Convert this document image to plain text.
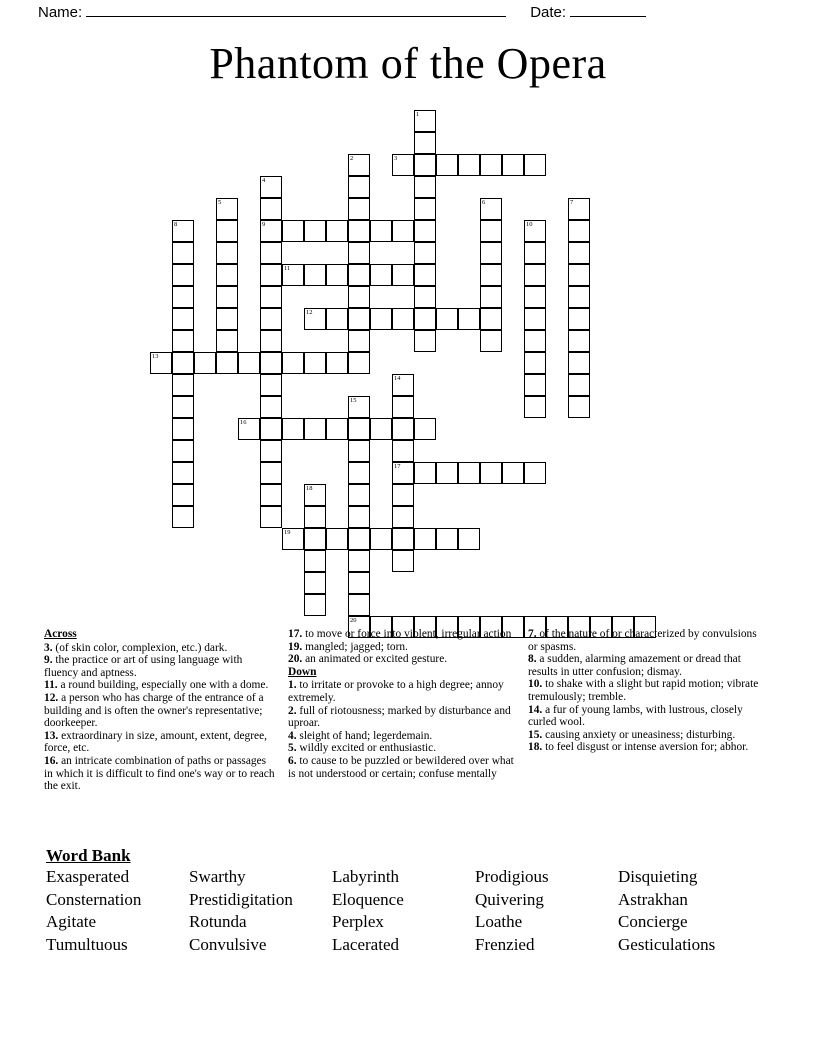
Name:	Date:
Phantom of the Opera
1
2	3
4
5	6	7
8	9	10
11
12
13
14
15
16
17
18
19
20
Across
3. (of skin color, complexion, etc.) dark.
9. the practice or art of using language with fluency and aptness.
11. a round building, especially one with a dome.
12. a person who has charge of the entrance of a building and is often the owner's representative; doorkeeper.
13. extraordinary in size, amount, extent, degree, force, etc.
16. an intricate combination of paths or passages in which it is difficult to find one's way or to reach the exit.
17. to move or force into violent, irregular action
19. mangled; jagged; torn.
20. an animated or excited gesture.
Down
1. to irritate or provoke to a high degree; annoy extremely.
2. full of riotousness; marked by disturbance and uproar.
4. sleight of hand; legerdemain.
5. wildly excited or enthusiastic.
6. to cause to be puzzled or bewildered over what is not understood or certain; confuse mentally
7. of the nature of or characterized by convulsions or spasms.
8. a sudden, alarming amazement or dread that results in utter confusion; dismay.
10. to shake with a slight but rapid motion; vibrate tremulously; tremble.
14. a fur of young lambs, with lustrous, closely curled wool.
15. causing anxiety or uneasiness; disturbing.
18. to feel disgust or intense aversion for; abhor.
Word Bank
Exasperated	Swarthy	Labyrinth	Prodigious	Disquieting
Consternation	Prestidigitation	Eloquence	Quivering	Astrakhan
Agitate	Rotunda	Perplex	Loathe	Concierge
Tumultuous	Convulsive	Lacerated	Frenzied	Gesticulations
